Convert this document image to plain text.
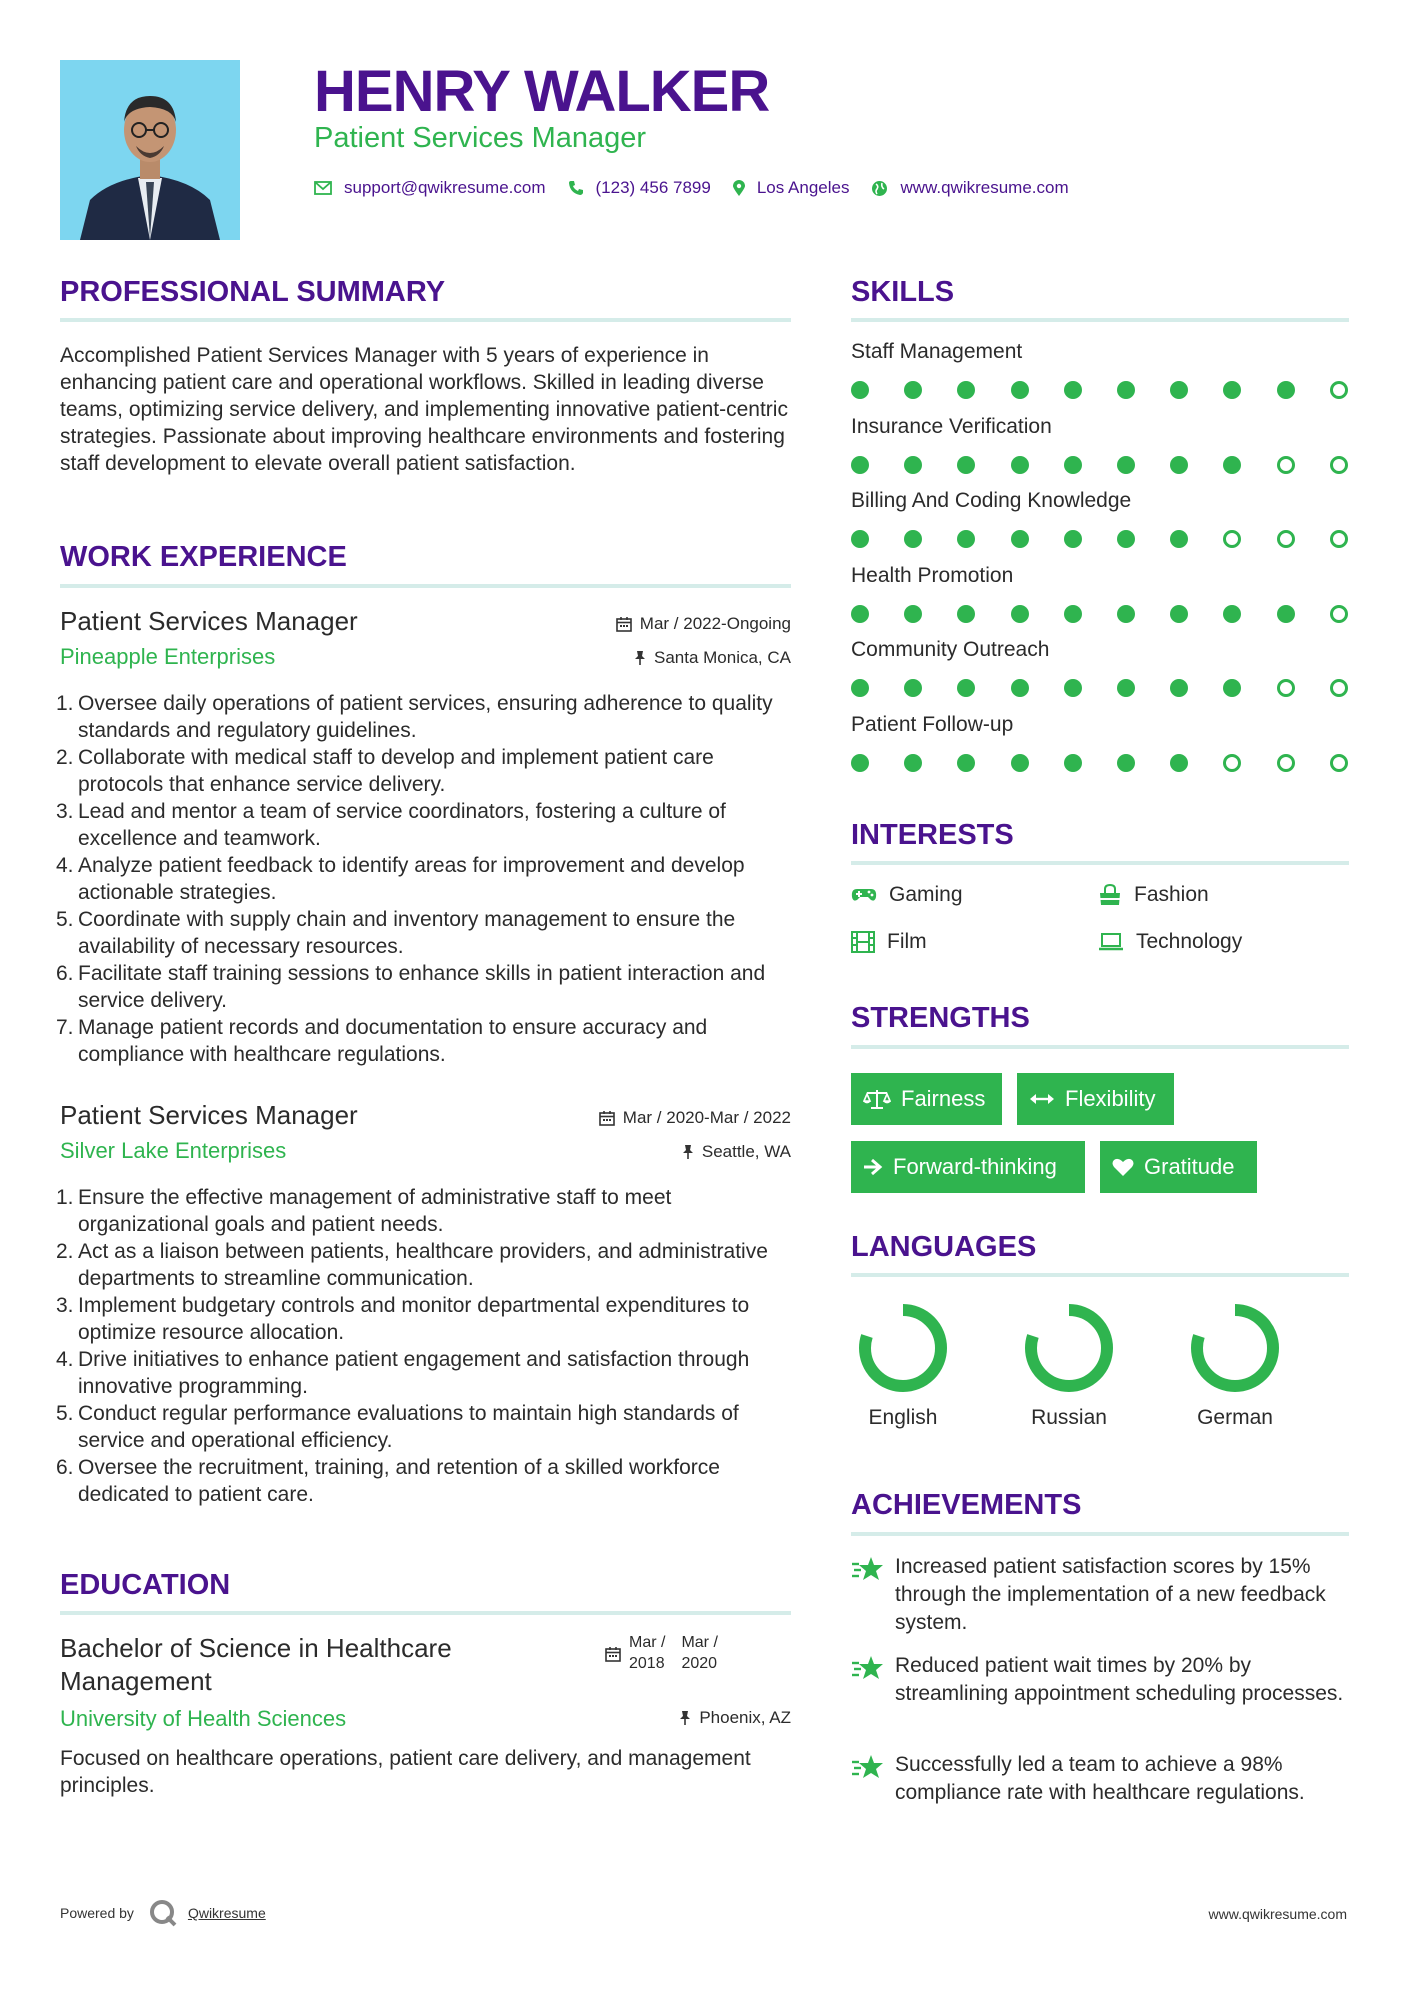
HENRY WALKER
Patient Services Manager
support@qwikresume.com	(123) 456 7899	Los Angeles	www.qwikresume.com
PROFESSIONAL SUMMARY
Accomplished Patient Services Manager with 5 years of experience in enhancing patient care and operational workflows. Skilled in leading diverse teams, optimizing service delivery, and implementing innovative patient-centric strategies. Passionate about improving healthcare environments and fostering staff development to elevate overall patient satisfaction.
WORK EXPERIENCE
Patient Services Manager
Pineapple Enterprises
Mar / 2022-Ongoing
Santa Monica, CA
1. Oversee daily operations of patient services, ensuring adherence to quality standards and regulatory guidelines.
2. Collaborate with medical staff to develop and implement patient care protocols that enhance service delivery.
3. Lead and mentor a team of service coordinators, fostering a culture of excellence and teamwork.
4. Analyze patient feedback to identify areas for improvement and develop actionable strategies.
5. Coordinate with supply chain and inventory management to ensure the availability of necessary resources.
6. Facilitate staff training sessions to enhance skills in patient interaction and service delivery.
7. Manage patient records and documentation to ensure accuracy and compliance with healthcare regulations.
Patient Services Manager
Silver Lake Enterprises
Mar / 2020-Mar / 2022
Seattle, WA
1. Ensure the effective management of administrative staff to meet organizational goals and patient needs.
2. Act as a liaison between patients, healthcare providers, and administrative departments to streamline communication.
3. Implement budgetary controls and monitor departmental expenditures to optimize resource allocation.
4. Drive initiatives to enhance patient engagement and satisfaction through innovative programming.
5. Conduct regular performance evaluations to maintain high standards of service and operational efficiency.
6. Oversee the recruitment, training, and retention of a skilled workforce dedicated to patient care.
EDUCATION
Bachelor of Science in Healthcare Management
Mar /
2018
Mar /
2020
University of Health Sciences	Phoenix, AZ
Focused on healthcare operations, patient care delivery, and management principles.
SKILLS
Staff Management
Insurance Verification
Billing And Coding Knowledge
Health Promotion
Community Outreach
Patient Follow-up
INTERESTS
Gaming	Fashion
Film	Technology
STRENGTHS
Fairness	Flexibility
Forward-thinking	Gratitude
LANGUAGES
English	Russian	German
ACHIEVEMENTS
Increased patient satisfaction scores by 15% through the implementation of a new feedback system.
Reduced patient wait times by 20% by streamlining appointment scheduling processes.
Successfully led a team to achieve a 98% compliance rate with healthcare regulations.
Powered by	Qwikresume	www.qwikresume.com
